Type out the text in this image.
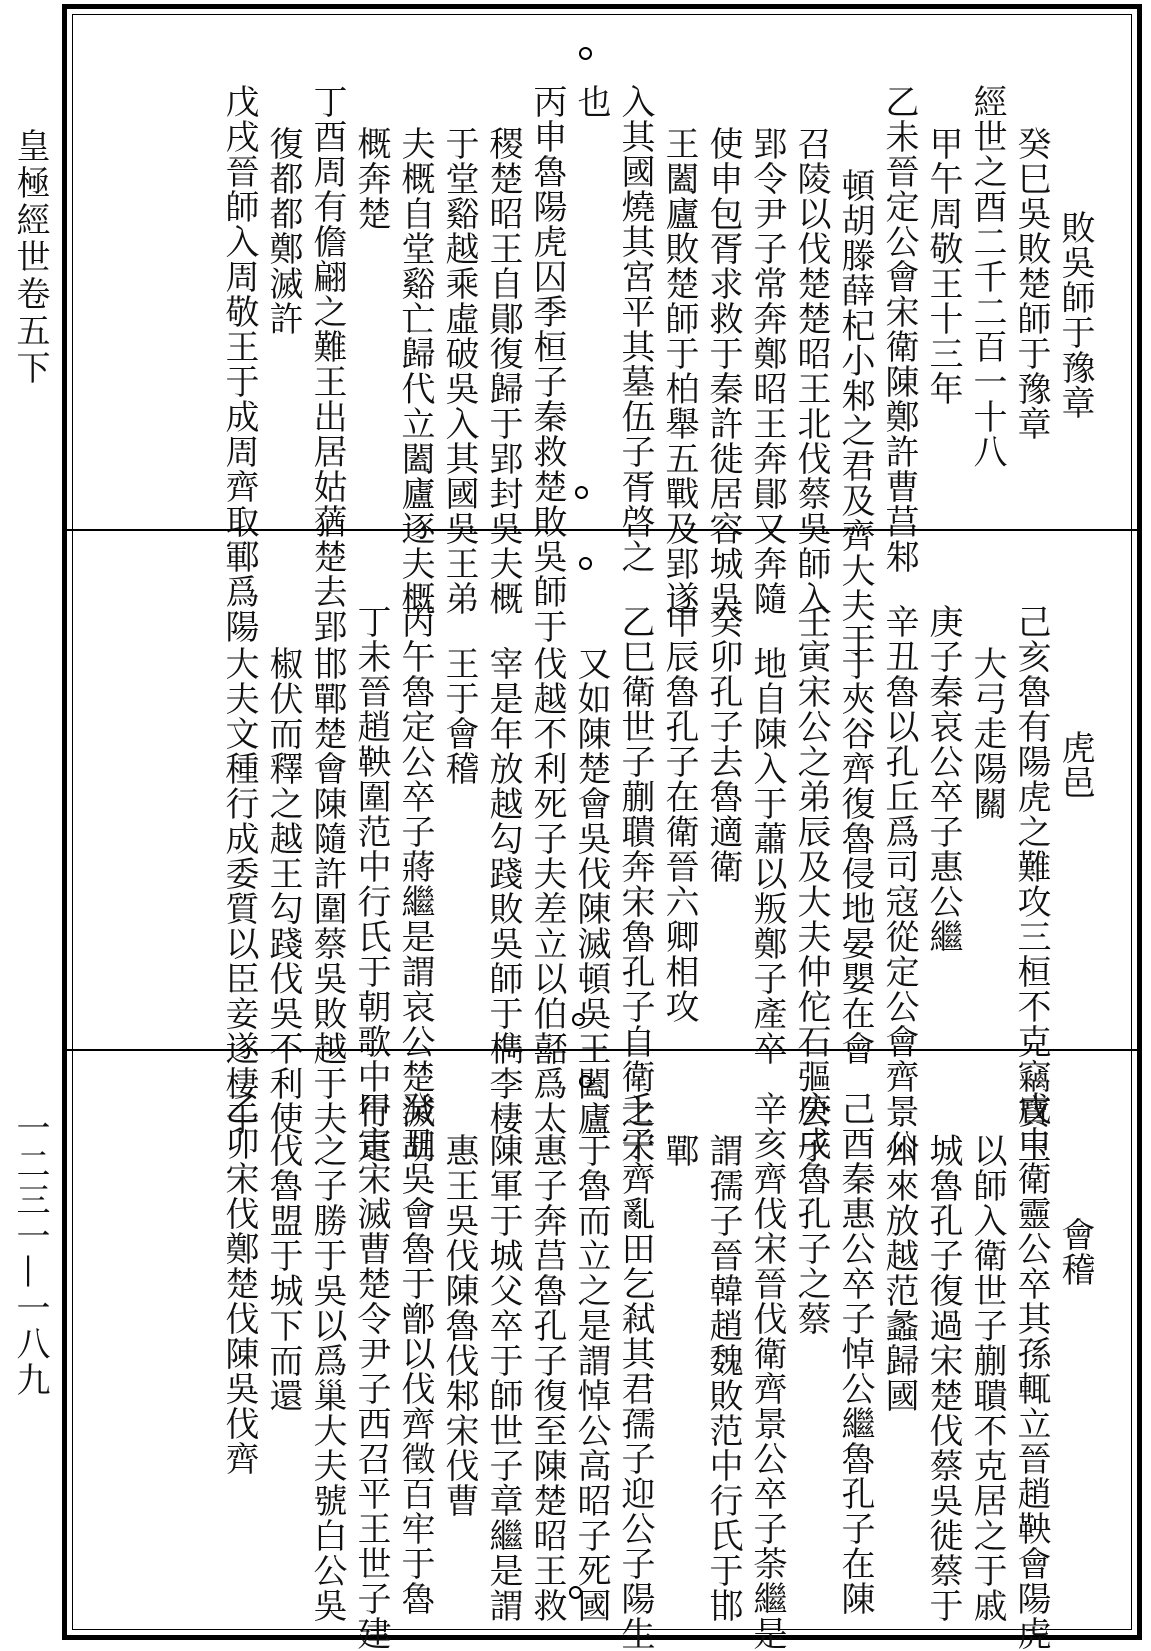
皇極經世卷五下
一二三一—一八九
敗吳師于豫章
癸巳吳敗楚師于豫章
經世之酉二千二百一十八
甲午周敬王十三年
乙未晉定公會宋衛陳鄭許曹莒邾
頓胡滕薛杞小邾之君及齊大夫于
召陵以伐楚楚昭王北伐蔡吳師入
郢令尹子常奔鄭昭王奔鄖又奔隨
使申包胥求救于秦許徙居容城吳
王闔廬敗楚師于柏舉五戰及郢遂
入其國燒其宮平其墓伍子胥啓之
也
丙申魯陽虎囚季桓子秦救楚敗吳師于
稷楚昭王自鄖復歸于郢封吳夫概
于堂谿越乘虛破吳入其國吳王弟
夫概自堂谿亡歸代立闔廬逐夫概
概奔楚
丁酉周有儋翩之難王出居姑蕕楚去郢
復都都鄭滅許
戊戌晉師入周敬王于成周齊取鄆爲陽
虎邑
己亥魯有陽虎之難攻三桓不克竊寶玉
大弓走陽關
庚子秦哀公卒子惠公繼
辛丑魯以孔丘爲司寇從定公會齊景公
于夾谷齊復魯侵地晏嬰在會
壬寅宋公之弟辰及大夫仲佗石彄公子
地自陳入于蕭以叛鄭子產卒
癸卯孔子去魯適衛
甲辰魯孔子在衛晉六卿相攻
乙巳衛世子蒯聵奔宋魯孔子自衛之宋
又如陳楚會吳伐陳滅頓吳王闔廬
伐越不利死子夫差立以伯嚭爲太
宰是年放越勾踐敗吳師于檇李棲
王于會稽
丙午魯定公卒子蔣繼是謂哀公楚滅胡
丁未晉趙鞅圍范中行氏于朝歌中行走
邯鄲楚會陳隨許圍蔡吳敗越于夫
椒伏而釋之越王勾踐伐吳不利使
大夫文種行成委質以臣妾遂棲于
會稽
戊申衛靈公卒其孫輒立晉趙鞅會陽虎
以師入衛世子蒯聵不克居之于戚
城魯孔子復過宋楚伐蔡吳徙蔡于
州來放越范蠡歸國
己酉秦惠公卒子悼公繼魯孔子在陳
庚戌魯孔子之蔡
辛亥齊伐宋晉伐衛齊景公卒子荼繼是
謂孺子晉韓趙魏敗范中行氏于邯
鄲
壬子齊亂田乞弒其君孺子迎公子陽生
于魯而立之是謂悼公高昭子死國
惠子奔莒魯孔子復至陳楚昭王救
陳軍于城父卒于師世子章繼是謂
惠王吳伐陳魯伐邾宋伐曹
癸丑吳會魯于鄫以伐齊徵百牢于魯
甲寅宋滅曹楚令尹子西召平王世子建
之子勝于吳以爲巢大夫號白公吳
伐魯盟于城下而還
乙卯宋伐鄭楚伐陳吳伐齊
